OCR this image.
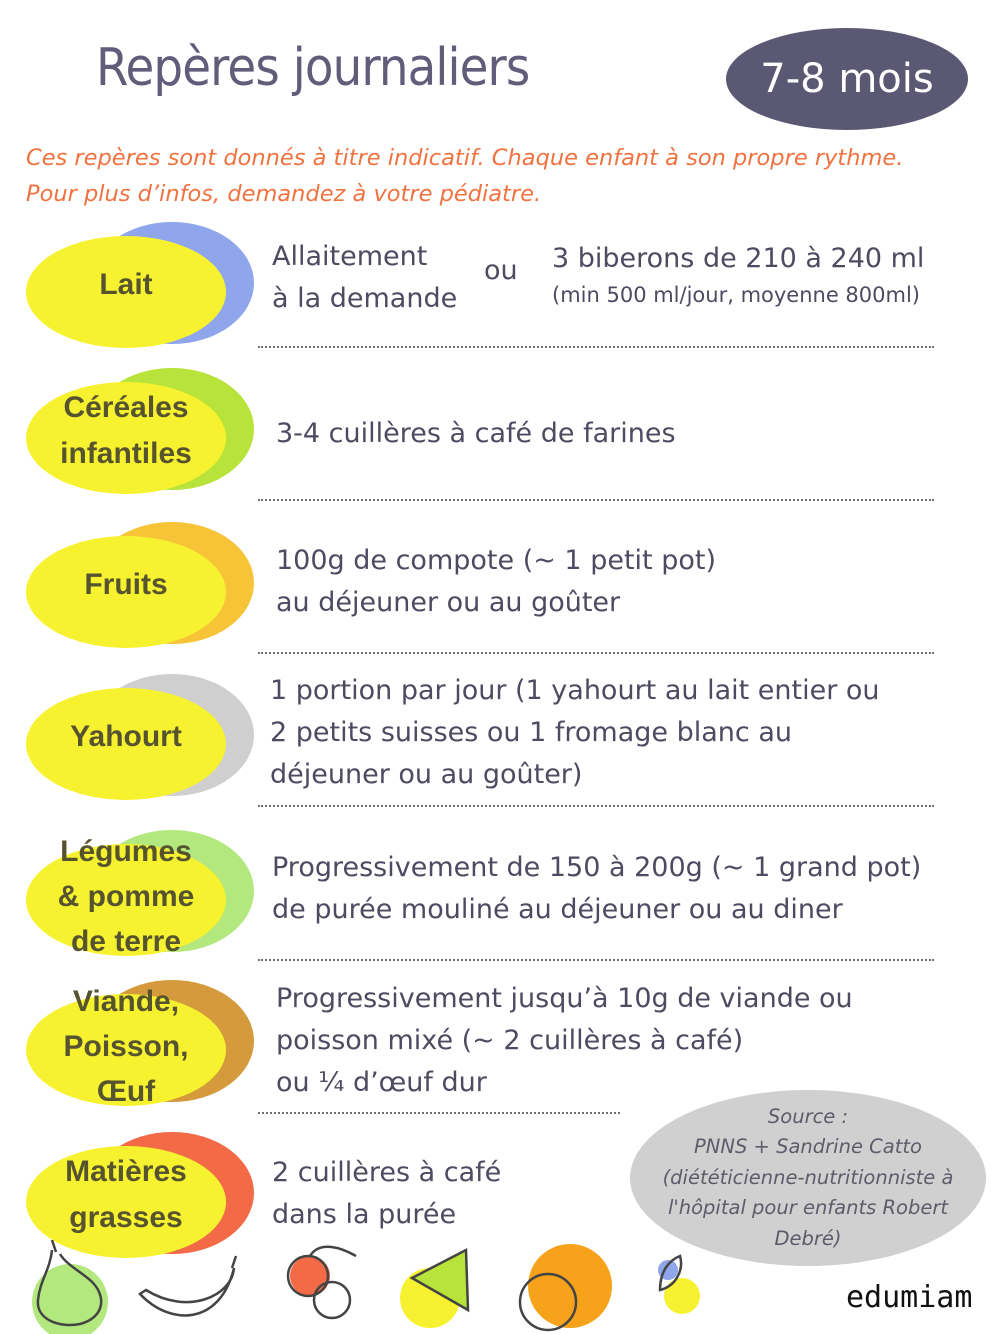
Repères journaliers	7-8 mois
Ces repères sont donnés à titre indicatif. Chaque enfant à son propre rythme.
Pour plus d’infos, demandez à votre pédiatre.
Lait
Allaitement
à la demande
ou 3 biberons de 210 à 240 ml
(min 500 ml/jour, moyenne 800ml)
Céréales
infantiles
3-4 cuillères à café de farines
Fruits
100g de compote (~ 1 petit pot)
au déjeuner ou au goûter
Yahourt
1 portion par jour (1 yahourt au lait entier ou
2 petits suisses ou 1 fromage blanc au
déjeuner ou au goûter)
Légumes
& pomme
de terre
Progressivement de 150 à 200g (~ 1 grand pot)
de purée mouliné au déjeuner ou au diner
Viande,
Poisson,
Œuf
Progressivement jusqu’à 10g de viande ou
poisson mixé (~ 2 cuillères à café)
ou ¼ d’œuf dur
Matières
grasses
2 cuillères à café
dans la purée
Source :
PNNS + Sandrine Catto
(diététicienne-nutritionniste à
l'hôpital pour enfants Robert
Debré)
edumiam
